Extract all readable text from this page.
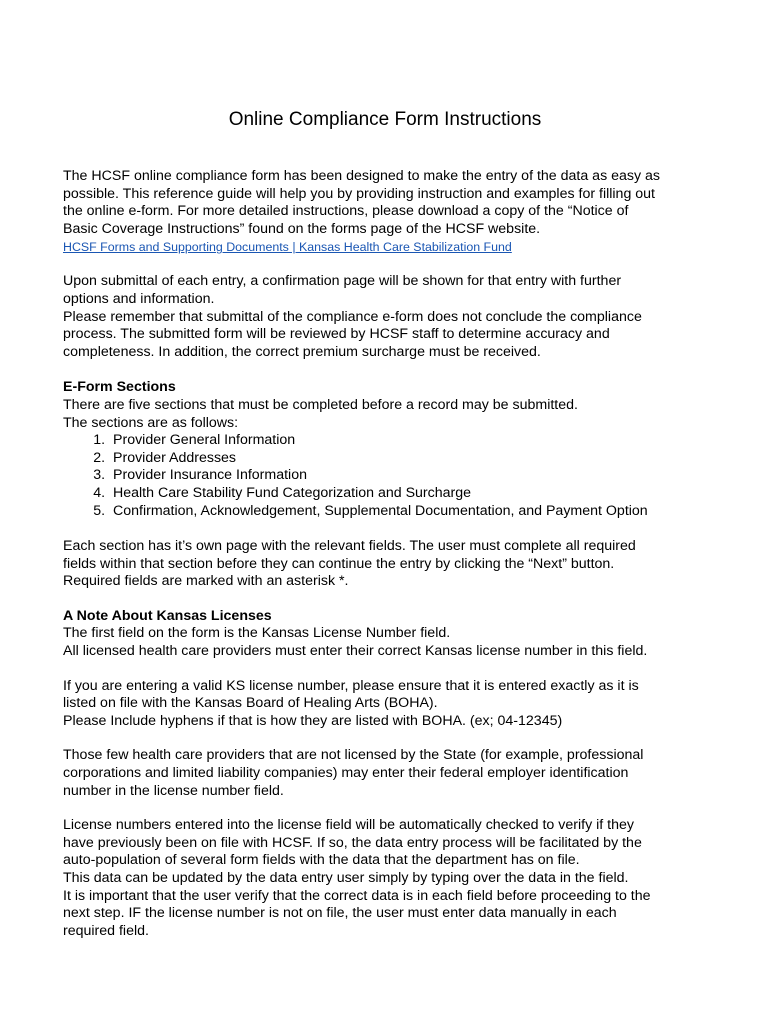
Online Compliance Form Instructions

The HCSF online compliance form has been designed to make the entry of the data as easy as
possible. This reference guide will help you by providing instruction and examples for filling out
the online e-form. For more detailed instructions, please download a copy of the “Notice of
Basic Coverage Instructions” found on the forms page of the HCSF website.

HCSF Forms and Supporting Documents | Kansas Health Care Stabilization Fund

Upon submittal of each entry, a confirmation page will be shown for that entry with further
options and information.
Please remember that submittal of the compliance e-form does not conclude the compliance
process. The submitted form will be reviewed by HCSF staff to determine accuracy and
completeness. In addition, the correct premium surcharge must be received.

E-Form Sections
There are five sections that must be completed before a record may be submitted.
The sections are as follows:

1. Provider General Information
2. Provider Addresses
3. Provider Insurance Information
4. Health Care Stability Fund Categorization and Surcharge
5. Confirmation, Acknowledgement, Supplemental Documentation, and Payment Option

Each section has it’s own page with the relevant fields. The user must complete all required
fields within that section before they can continue the entry by clicking the “Next” button.
Required fields are marked with an asterisk *.

A Note About Kansas Licenses
The first field on the form is the Kansas License Number field.
All licensed health care providers must enter their correct Kansas license number in this field.

If you are entering a valid KS license number, please ensure that it is entered exactly as it is
listed on file with the Kansas Board of Healing Arts (BOHA).
Please Include hyphens if that is how they are listed with BOHA. (ex; 04-12345)

Those few health care providers that are not licensed by the State (for example, professional
corporations and limited liability companies) may enter their federal employer identification
number in the license number field.

License numbers entered into the license field will be automatically checked to verify if they
have previously been on file with HCSF. If so, the data entry process will be facilitated by the
auto-population of several form fields with the data that the department has on file.
This data can be updated by the data entry user simply by typing over the data in the field.
It is important that the user verify that the correct data is in each field before proceeding to the
next step. IF the license number is not on file, the user must enter data manually in each
required field.
